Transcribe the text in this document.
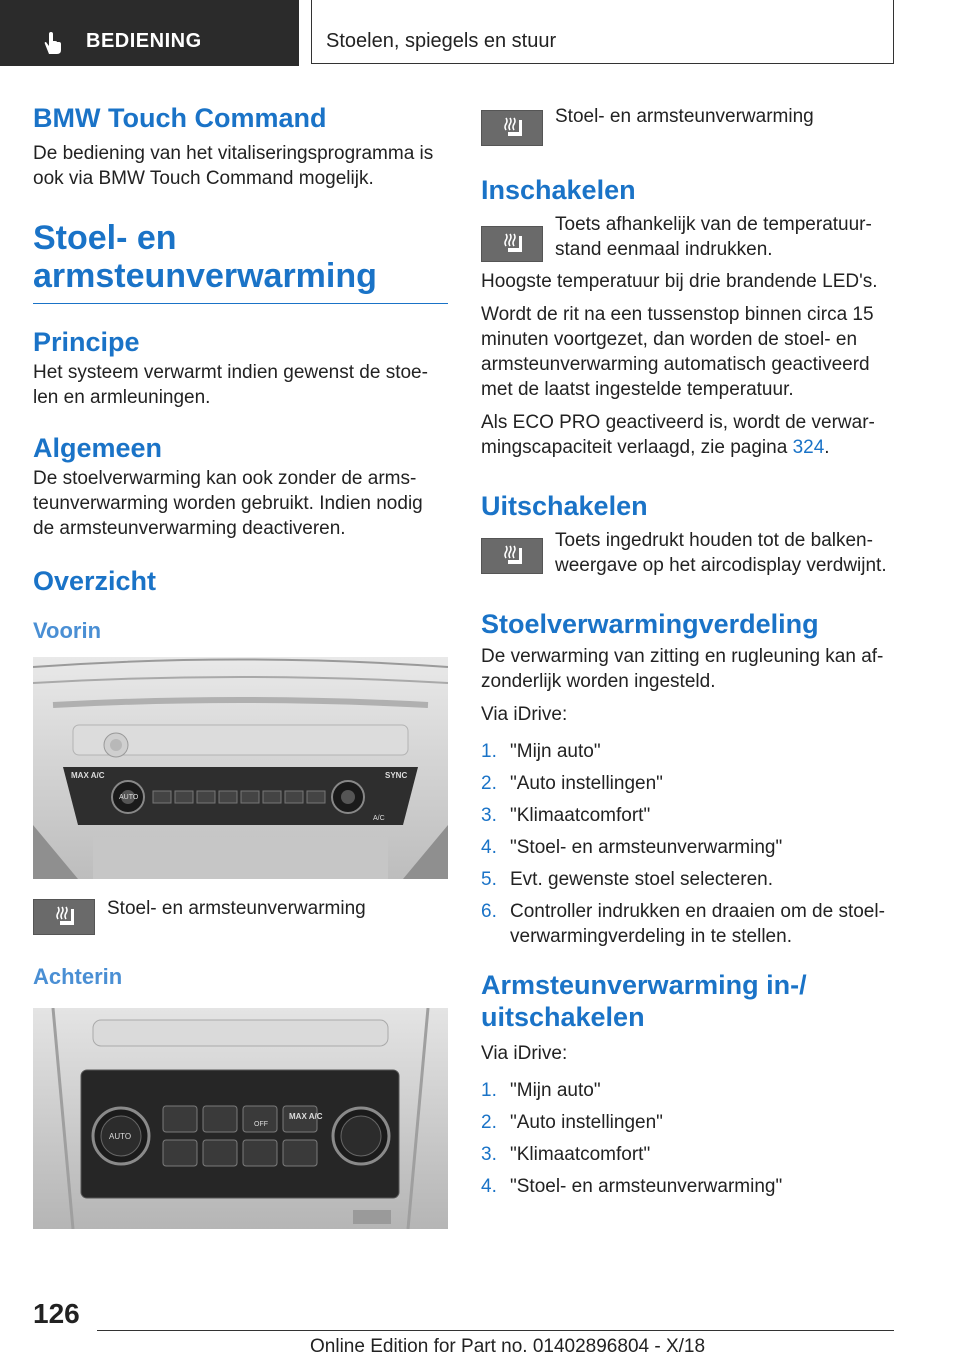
BEDIENING	Stoelen, spiegels en stuur
BMW Touch Command

De bediening van het vitaliseringsprogramma is ook via BMW Touch Command mogelijk.

Stoel- en armsteunverwarming
Principe

Het systeem verwarmt indien gewenst de stoe‐ len en armleuningen.

Algemeen

De stoelverwarming kan ook zonder de arms‐ teunverwarming worden gebruikt. Indien nodig de armsteunverwarming deactiveren.

Overzicht
Voorin
MAX A/C
AUTO
SYNC
A/C

Stoel- en armsteunverwarming

Achterin
AUTO
OFF
MAX A/C

Stoel- en armsteunverwarming

Inschakelen

Toets afhankelijk van de temperatuur‐ stand eenmaal indrukken.

Hoogste temperatuur bij drie brandende LED's.

Wordt de rit na een tussenstop binnen circa 15 minuten voortgezet, dan worden de stoel- en armsteunverwarming automatisch geactiveerd met de laatst ingestelde temperatuur.

Als ECO PRO geactiveerd is, wordt de verwar‐ mingscapaciteit verlaagd, zie pagina 324.

Uitschakelen

Toets ingedrukt houden tot de balken‐ weergave op het aircodisplay verdwijnt.

Stoelverwarmingverdeling

De verwarming van zitting en rugleuning kan af‐ zonderlijk worden ingesteld.

Via iDrive:

1. "Mijn auto"
2. "Auto instellingen"
3. "Klimaatcomfort"
4. "Stoel- en armsteunverwarming"
5. Evt. gewenste stoel selecteren.
6. Controller indrukken en draaien om de stoel‐ verwarmingverdeling in te stellen.
Armsteunverwarming in-/ uitschakelen

Via iDrive:

1. "Mijn auto"
2. "Auto instellingen"
3. "Klimaatcomfort"
4. "Stoel- en armsteunverwarming"
126
Online Edition for Part no. 01402896804 - X/18
